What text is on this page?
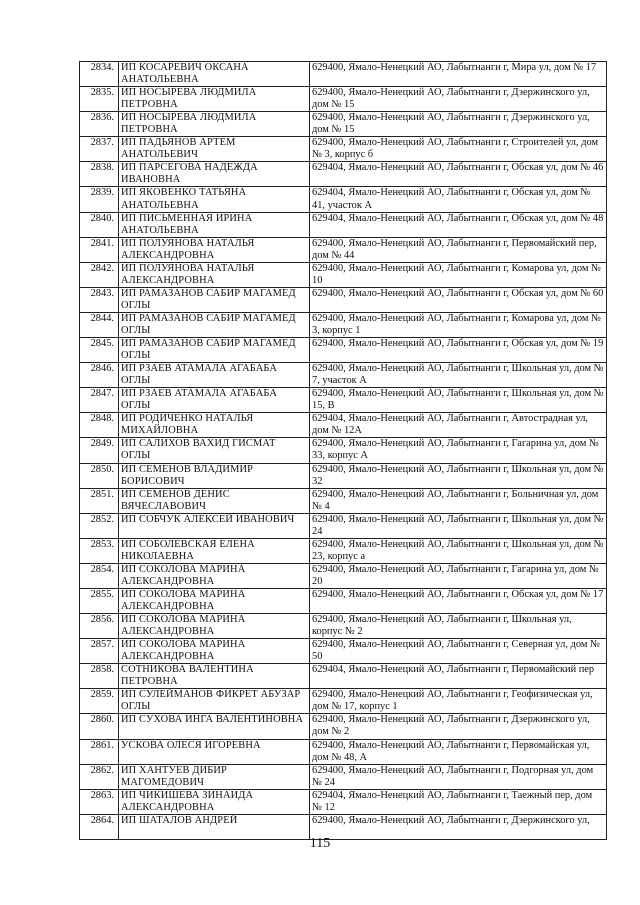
2834.	ИП КОСАРЕВИЧ ОКСАНА АНАТОЛЬЕВНА	629400, Ямало-Ненецкий АО, Лабытнанги г, Мира ул, дом № 17
2835.	ИП НОСЫРЕВА ЛЮДМИЛА ПЕТРОВНА	629400, Ямало-Ненецкий АО, Лабытнанги г, Дзержинского ул, дом № 15
2836.	ИП НОСЫРЕВА ЛЮДМИЛА ПЕТРОВНА	629400, Ямало-Ненецкий АО, Лабытнанги г, Дзержинского ул, дом № 15
2837.	ИП ПАДЬЯНОВ АРТЕМ АНАТОЛЬЕВИЧ	629400, Ямало-Ненецкий АО, Лабытнанги г, Строителей ул, дом № 3, корпус б
2838.	ИП ПАРСЕГОВА НАДЕЖДА ИВАНОВНА	629404, Ямало-Ненецкий АО, Лабытнанги г, Обская ул, дом № 46
2839.	ИП ЯКОВЕНКО ТАТЬЯНА АНАТОЛЬЕВНА	629404, Ямало-Ненецкий АО, Лабытнанги г, Обская ул, дом № 41, участок А
2840.	ИП ПИСЬМЕННАЯ ИРИНА АНАТОЛЬЕВНА	629404, Ямало-Ненецкий АО, Лабытнанги г, Обская ул, дом № 48
2841.	ИП ПОЛУЯНОВА НАТАЛЬЯ АЛЕКСАНДРОВНА	629400, Ямало-Ненецкий АО, Лабытнанги г, Первомайский пер, дом № 44
2842.	ИП ПОЛУЯНОВА НАТАЛЬЯ АЛЕКСАНДРОВНА	629400, Ямало-Ненецкий АО, Лабытнанги г, Комарова ул, дом № 10
2843.	ИП РАМАЗАНОВ САБИР МАГАМЕД ОГЛЫ	629400, Ямало-Ненецкий АО, Лабытнанги г, Обская ул, дом № 60
2844.	ИП РАМАЗАНОВ САБИР МАГАМЕД ОГЛЫ	629400, Ямало-Ненецкий АО, Лабытнанги г, Комарова ул, дом № 3, корпус 1
2845.	ИП РАМАЗАНОВ САБИР МАГАМЕД ОГЛЫ	629400, Ямало-Ненецкий АО, Лабытнанги г, Обская ул, дом № 19
2846.	ИП РЗАЕВ АТАМАЛА АГАБАБА ОГЛЫ	629400, Ямало-Ненецкий АО, Лабытнанги г, Школьная ул, дом № 7, участок А
2847.	ИП РЗАЕВ АТАМАЛА АГАБАБА ОГЛЫ	629400, Ямало-Ненецкий АО, Лабытнанги г, Школьная ул, дом № 15, В
2848.	ИП РОДИЧЕНКО НАТАЛЬЯ МИХАЙЛОВНА	629404, Ямало-Ненецкий АО, Лабытнанги г, Автострадная ул, дом № 12А
2849.	ИП САЛИХОВ ВАХИД ГИСМАТ ОГЛЫ	629400, Ямало-Ненецкий АО, Лабытнанги г, Гагарина ул, дом № 33, корпус А
2850.	ИП СЕМЕНОВ ВЛАДИМИР БОРИСОВИЧ	629400, Ямало-Ненецкий АО, Лабытнанги г, Школьная ул, дом № 32
2851.	ИП СЕМЕНОВ ДЕНИС ВЯЧЕСЛАВОВИЧ	629400, Ямало-Ненецкий АО, Лабытнанги г, Больничная ул, дом № 4
2852.	ИП СОБЧУК АЛЕКСЕЙ ИВАНОВИЧ	629400, Ямало-Ненецкий АО, Лабытнанги г, Школьная ул, дом № 24
2853.	ИП СОБОЛЕВСКАЯ ЕЛЕНА НИКОЛАЕВНА	629400, Ямало-Ненецкий АО, Лабытнанги г, Школьная ул, дом № 23, корпус а
2854.	ИП СОКОЛОВА МАРИНА АЛЕКСАНДРОВНА	629400, Ямало-Ненецкий АО, Лабытнанги г, Гагарина ул, дом № 20
2855.	ИП СОКОЛОВА МАРИНА АЛЕКСАНДРОВНА	629400, Ямало-Ненецкий АО, Лабытнанги г, Обская ул, дом № 17
2856.	ИП СОКОЛОВА МАРИНА АЛЕКСАНДРОВНА	629400, Ямало-Ненецкий АО, Лабытнанги г, Школьная ул, корпус № 2
2857.	ИП СОКОЛОВА МАРИНА АЛЕКСАНДРОВНА	629400, Ямало-Ненецкий АО, Лабытнанги г, Северная ул, дом № 50
2858.	СОТНИКОВА ВАЛЕНТИНА ПЕТРОВНА	629404, Ямало-Ненецкий АО, Лабытнанги г, Первомайский пер
2859.	ИП СУЛЕЙМАНОВ ФИКРЕТ АБУЗАР ОГЛЫ	629400, Ямало-Ненецкий АО, Лабытнанги г, Геофизическая ул, дом № 17, корпус 1
2860.	ИП СУХОВА ИНГА ВАЛЕНТИНОВНА	629400, Ямало-Ненецкий АО, Лабытнанги г, Дзержинского ул, дом № 2
2861.	УСКОВА ОЛЕСЯ ИГОРЕВНА	629400, Ямало-Ненецкий АО, Лабытнанги г, Первомайская ул, дом № 48, А
2862.	ИП ХАНТУЕВ ДИБИР МАГОМЕДОВИЧ	629400, Ямало-Ненецкий АО, Лабытнанги г, Подгорная ул, дом № 24
2863.	ИП ЧИКИШЕВА ЗИНАИДА АЛЕКСАНДРОВНА	629404, Ямало-Ненецкий АО, Лабытнанги г, Таежный пер, дом № 12
2864.	ИП ШАТАЛОВ АНДРЕЙ	629400, Ямало-Ненецкий АО, Лабытнанги г, Дзержинского ул,
115
